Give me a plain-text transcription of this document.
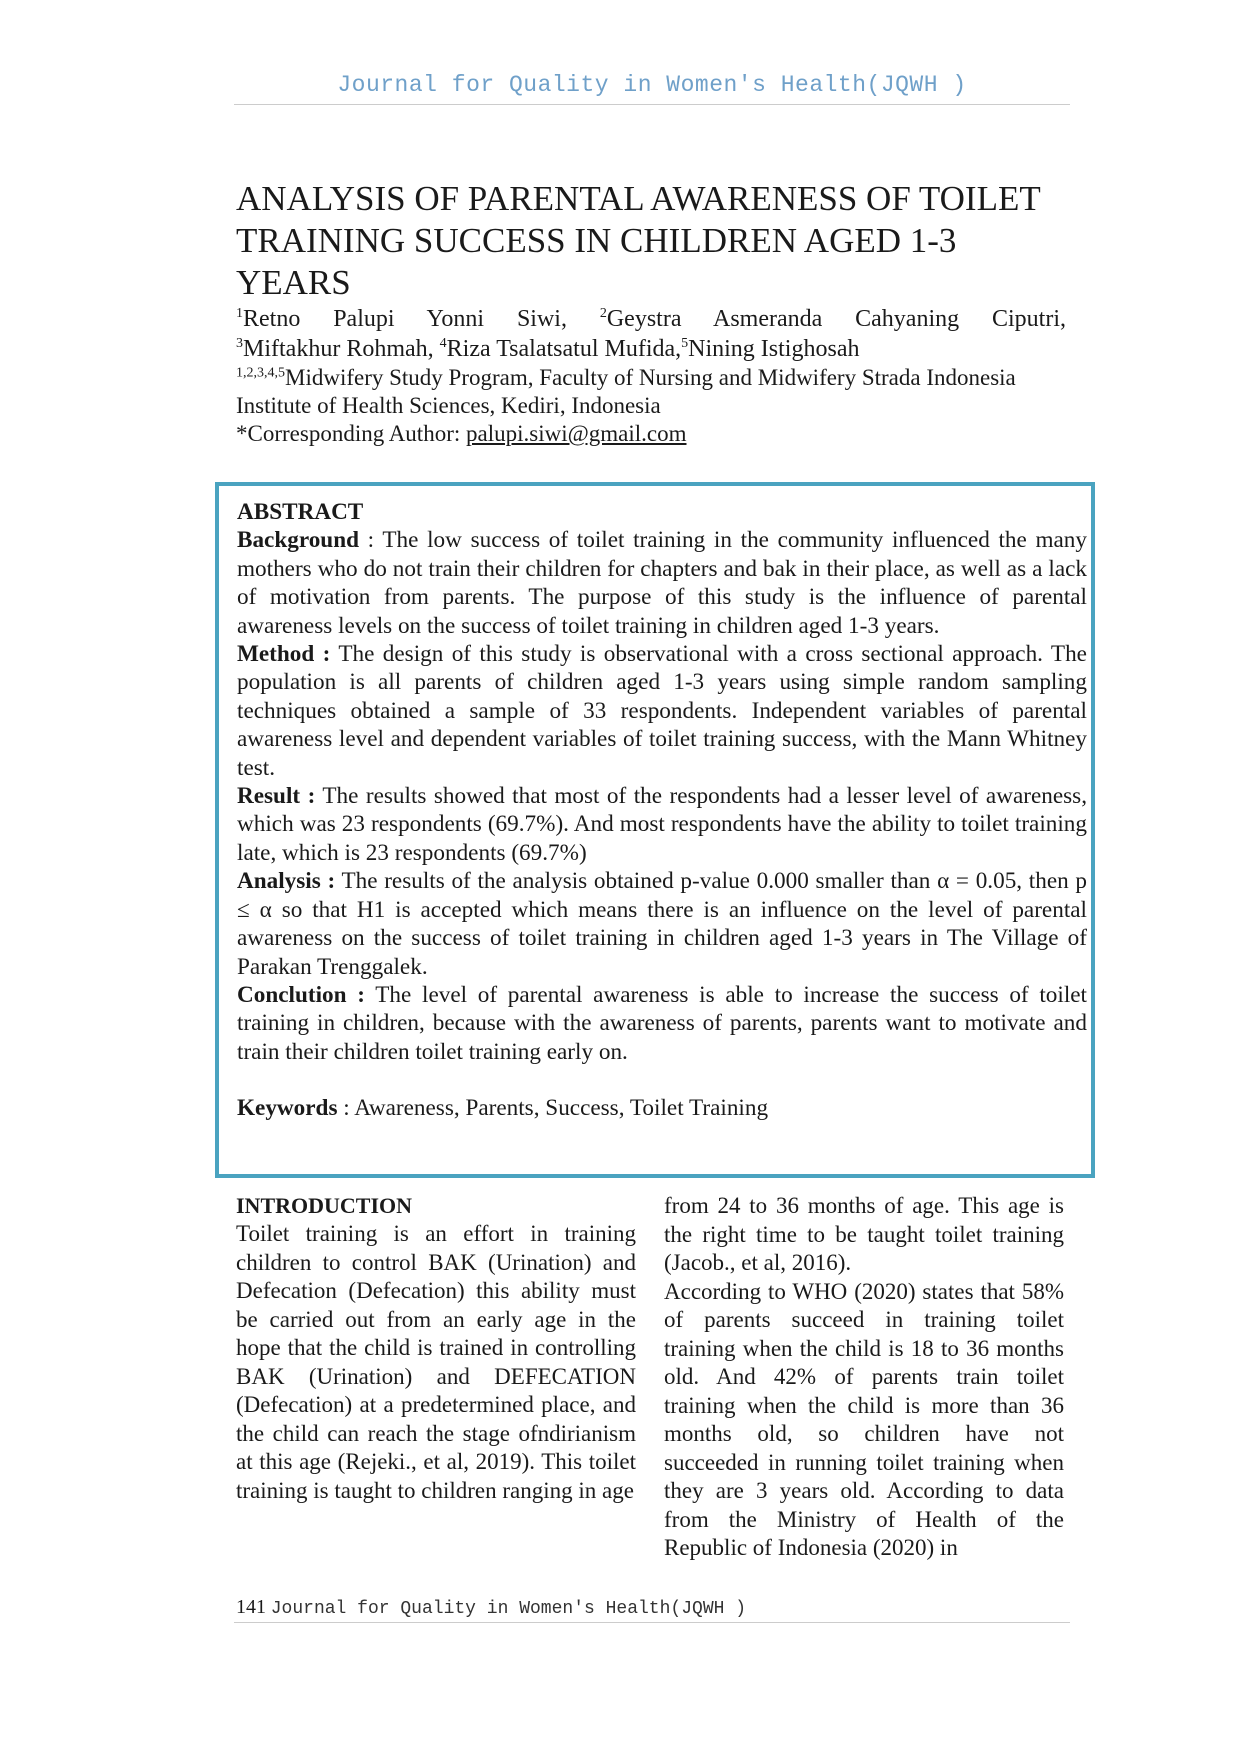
Journal for Quality in Women's Health(JQWH )
ANALYSIS OF PARENTAL AWARENESS OF TOILET TRAINING SUCCESS IN CHILDREN AGED 1-3 YEARS
$^1$Retno Palupi Yonni Siwi, $^2$Geystra Asmeranda Cahyaning Ciputri,
$^3$Miftakhur Rohmah, $^4$Riza Tsalatsatul Mufida,$^5$Nining Istighosah
$^{1,2,3,4,5}$Midwifery Study Program, Faculty of Nursing and Midwifery Strada Indonesia Institute of Health Sciences, Kediri, Indonesia
*Corresponding Author: palupi.siwi@gmail.com

ABSTRACT

Background : The low success of toilet training in the community influenced the many mothers who do not train their children for chapters and bak in their place, as well as a lack of motivation from parents. The purpose of this study is the influence of parental awareness levels on the success of toilet training in children aged 1-3 years.

Method : The design of this study is observational with a cross sectional approach. The population is all parents of children aged 1-3 years using simple random sampling techniques obtained a sample of 33 respondents. Independent variables of parental awareness level and dependent variables of toilet training success, with the Mann Whitney test.

Result : The results showed that most of the respondents had a lesser level of awareness, which was 23 respondents (69.7%). And most respondents have the ability to toilet training late, which is 23 respondents (69.7%)

Analysis : The results of the analysis obtained p-value 0.000 smaller than α = 0.05, then p ≤ α so that H1 is accepted which means there is an influence on the level of parental awareness on the success of toilet training in children aged 1-3 years in The Village of Parakan Trenggalek.

Conclution : The level of parental awareness is able to increase the success of toilet training in children, because with the awareness of parents, parents want to motivate and train their children toilet training early on.

Keywords : Awareness, Parents, Success, Toilet Training

INTRODUCTION

Toilet training is an effort in training children to control BAK (Urination) and Defecation (Defecation) this ability must be carried out from an early age in the hope that the child is trained in controlling BAK (Urination) and DEFECATION (Defecation) at a predetermined place, and the child can reach the stage ofndirianism at this age (Rejeki., et al, 2019). This toilet training is taught to children ranging in age

from 24 to 36 months of age. This age is the right time to be taught toilet training (Jacob., et al, 2016).

According to WHO (2020) states that 58% of parents succeed in training toilet training when the child is 18 to 36 months old. And 42% of parents train toilet training when the child is more than 36 months old, so children have not succeeded in running toilet training when they are 3 years old. According to data from the Ministry of Health of the Republic of Indonesia (2020) in

141 Journal for Quality in Women's Health(JQWH )
